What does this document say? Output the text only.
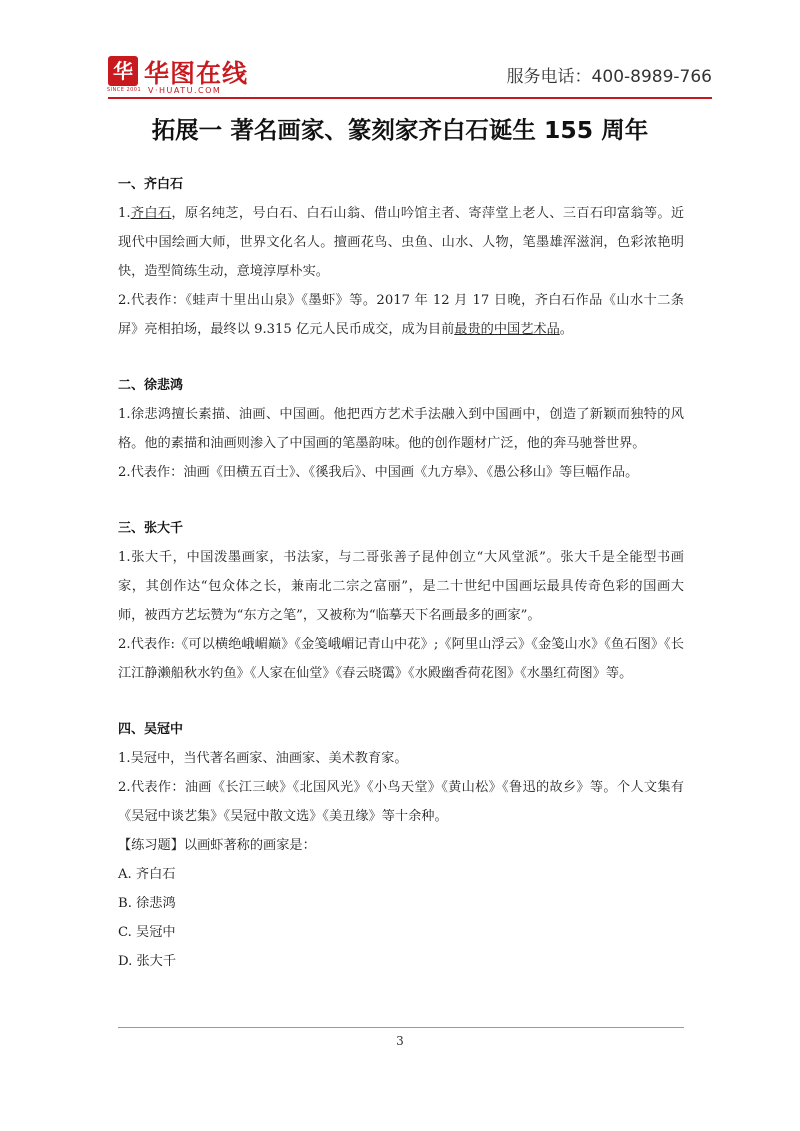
华
SINCE 2001
华图在线
V·HUATU.COM
服务电话：400-8989-766
拓展一 著名画家、篆刻家齐白石诞生 155 周年
一、齐白石
1.齐白石，原名纯芝，号白石、白石山翁、借山吟馆主者、寄萍堂上老人、三百石印富翁等。近现代中国绘画大师，世界文化名人。擅画花鸟、虫鱼、山水、人物，笔墨雄浑滋润，色彩浓艳明快，造型简练生动，意境淳厚朴实。
2.代表作：《蛙声十里出山泉》《墨虾》等。2017 年 12 月 17 日晚，齐白石作品《山水十二条屏》亮相拍场，最终以 9.315 亿元人民币成交，成为目前最贵的中国艺术品。
二、徐悲鸿
1.徐悲鸿擅长素描、油画、中国画。他把西方艺术手法融入到中国画中，创造了新颖而独特的风格。他的素描和油画则渗入了中国画的笔墨韵味。他的创作题材广泛，他的奔马驰誉世界。
2.代表作：油画《田横五百士》、《徯我后》、中国画《九方皋》、《愚公移山》等巨幅作品。
三、张大千
1.张大千，中国泼墨画家，书法家，与二哥张善子昆仲创立“大风堂派”。张大千是全能型书画家，其创作达“包众体之长，兼南北二宗之富丽”，是二十世纪中国画坛最具传奇色彩的国画大师，被西方艺坛赞为“东方之笔”，又被称为“临摹天下名画最多的画家”。
2.代表作:《可以横绝峨嵋巅》《金笺峨嵋记青山中花》;《阿里山浮云》《金笺山水》《鱼石图》《长江江静濑船秋水钓鱼》《人家在仙堂》《春云晓霭》《水殿幽香荷花图》《水墨红荷图》等。
四、吴冠中
1.吴冠中，当代著名画家、油画家、美术教育家。
2.代表作：油画《长江三峡》《北国风光》《小鸟天堂》《黄山松》《鲁迅的故乡》等。个人文集有《吴冠中谈艺集》《吴冠中散文选》《美丑缘》等十余种。
【练习题】以画虾著称的画家是：
A. 齐白石
B. 徐悲鸿
C. 吴冠中
D. 张大千
3
